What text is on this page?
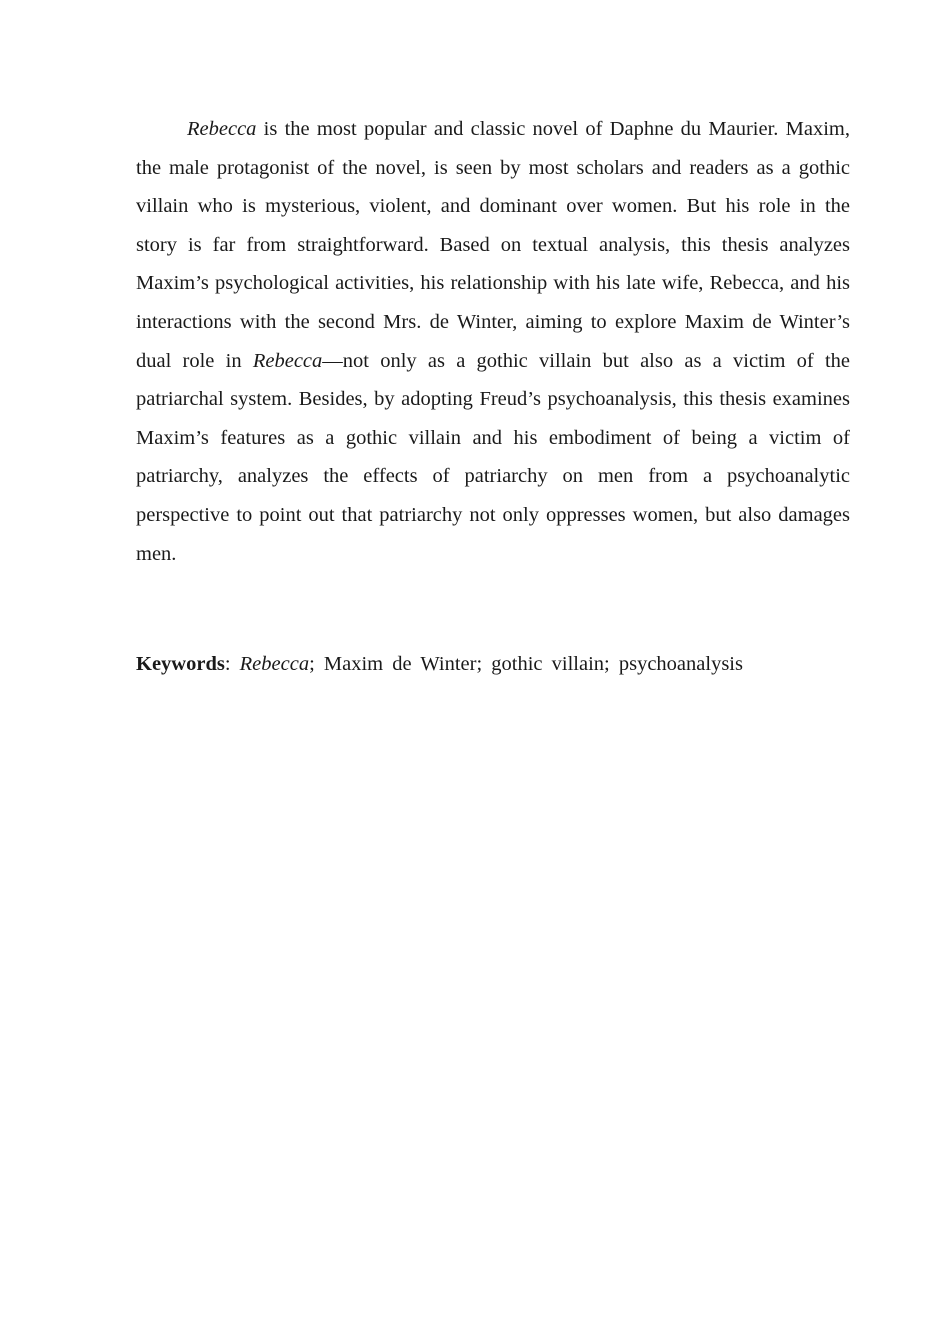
Rebecca is the most popular and classic novel of Daphne du Maurier. Maxim, the male protagonist of the novel, is seen by most scholars and readers as a gothic villain who is mysterious, violent, and dominant over women. But his role in the story is far from straightforward. Based on textual analysis, this thesis analyzes Maxim’s psychological activities, his relationship with his late wife, Rebecca, and his interactions with the second Mrs. de Winter, aiming to explore Maxim de Winter’s dual role in Rebecca—not only as a gothic villain but also as a victim of the patriarchal system. Besides, by adopting Freud’s psychoanalysis, this thesis examines Maxim’s features as a gothic villain and his embodiment of being a victim of patriarchy, analyzes the effects of patriarchy on men from a psychoanalytic perspective to point out that patriarchy not only oppresses women, but also damages men.

Keywords: Rebecca; Maxim de Winter; gothic villain; psychoanalysis
